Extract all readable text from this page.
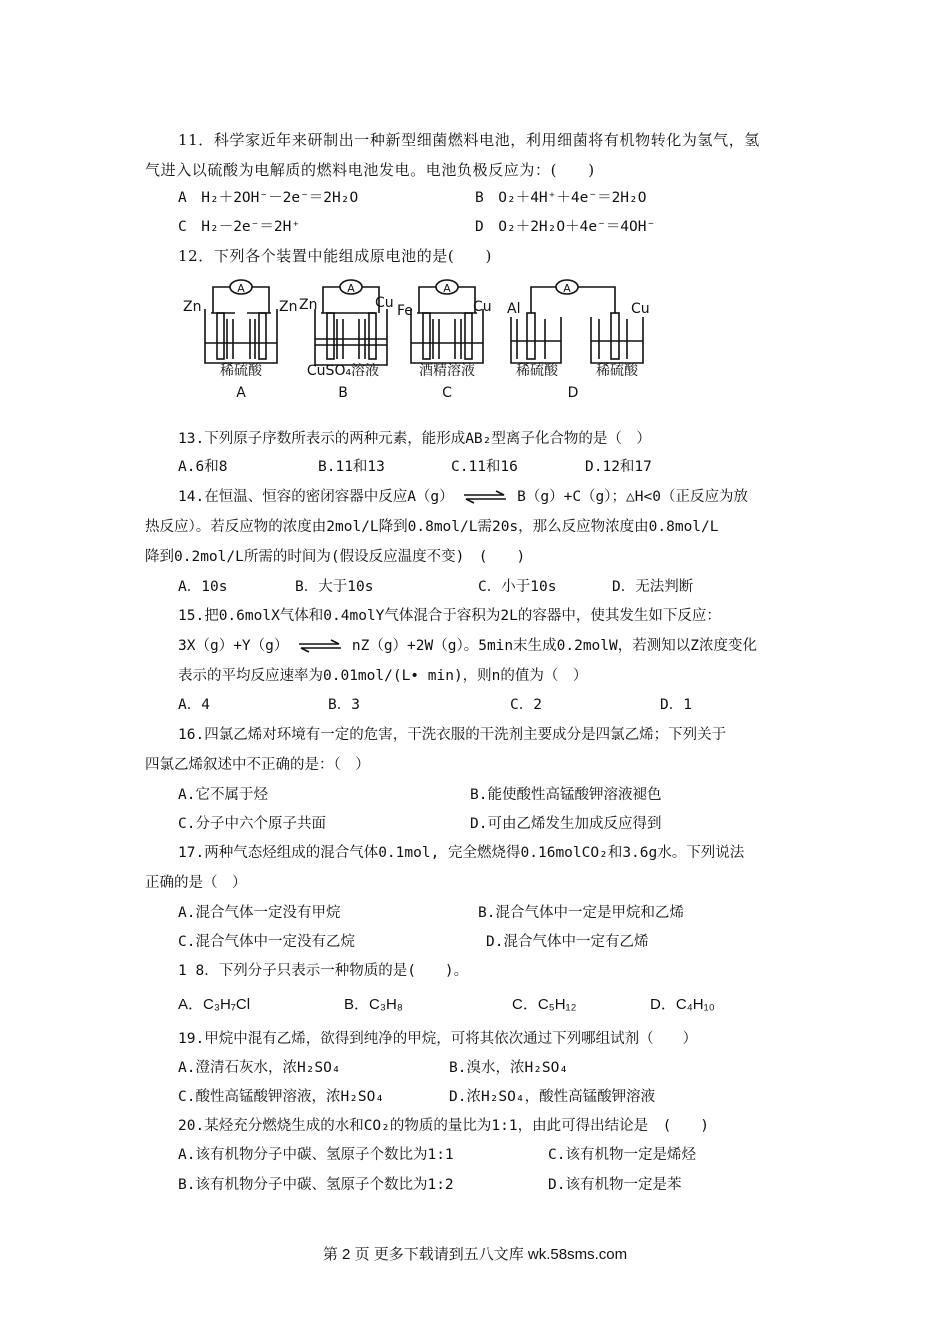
11．科学家近年来研制出一种新型细菌燃料电池，利用细菌将有机物转化为氢气，氢
气进入以硫酸为电解质的燃料电池发电。电池负极反应为：(　　)
A　H₂＋2OH⁻－2e⁻＝2H₂O	B　O₂＋4H⁺＋4e⁻＝2H₂O
C　H₂－2e⁻＝2H⁺	D　O₂＋2H₂O＋4e⁻＝4OH⁻
12．下列各个装置中能组成原电池的是(　　)
A
Zn	Zn
稀硫酸
A
A
Zn	Cu
CuSO₄溶液
B
A
Fe	Cu
酒精溶液
C
A
Al	Cu
稀硫酸	稀硫酸
D
13.下列原子序数所表示的两种元素，能形成AB₂型离子化合物的是（　）
A.6和8	B.11和13	C.11和16	D.12和17
14.在恒温、恒容的密闭容器中反应A（g） ⇌ B（g）+C（g）；△H<0（正反应为放
热反应）。若反应物的浓度由2mol/L降到0.8mol/L需20s，那么反应物浓度由0.8mol/L
降到0.2mol/L所需的时间为(假设反应温度不变)　(　　)
A．10s	B．大于10s	C．小于10s	D．无法判断
15.把0.6molX气体和0.4molY气体混合于容积为2L的容器中，使其发生如下反应：
3X（g）+Y（g） ⇌ nZ（g）+2W（g）。5min末生成0.2molW，若测知以Z浓度变化
表示的平均反应速率为0.01mol/(L• min)，则n的值为（　）
A．4	B．3	C．2	D．1
16.四氯乙烯对环境有一定的危害，干洗衣服的干洗剂主要成分是四氯乙烯；下列关于
四氯乙烯叙述中不正确的是：（　）
A.它不属于烃	B.能使酸性高锰酸钾溶液褪色
C.分子中六个原子共面	D.可由乙烯发生加成反应得到
17.两种气态烃组成的混合气体0.1mol, 完全燃烧得0.16molCO₂和3.6g水。下列说法
正确的是（　）
A.混合气体一定没有甲烷	B.混合气体中一定是甲烷和乙烯
C.混合气体中一定没有乙烷	D.混合气体中一定有乙烯
1 8．下列分子只表示一种物质的是(　　)。
A．C₃H₇Cl	B．C₃H₈	C．C₅H₁₂	D．C₄H₁₀
19.甲烷中混有乙烯，欲得到纯净的甲烷，可将其依次通过下列哪组试剂（　　）
A.澄清石灰水，浓H₂SO₄	B.溴水，浓H₂SO₄
C.酸性高锰酸钾溶液，浓H₂SO₄	D.浓H₂SO₄，酸性高锰酸钾溶液
20.某烃充分燃烧生成的水和CO₂的物质的量比为1:1，由此可得出结论是　(　　)
A.该有机物分子中碳、氢原子个数比为1:1	C.该有机物一定是烯烃
B.该有机物分子中碳、氢原子个数比为1:2	D.该有机物一定是苯
第 2 页 更多下载请到五八文库 wk.58sms.com
